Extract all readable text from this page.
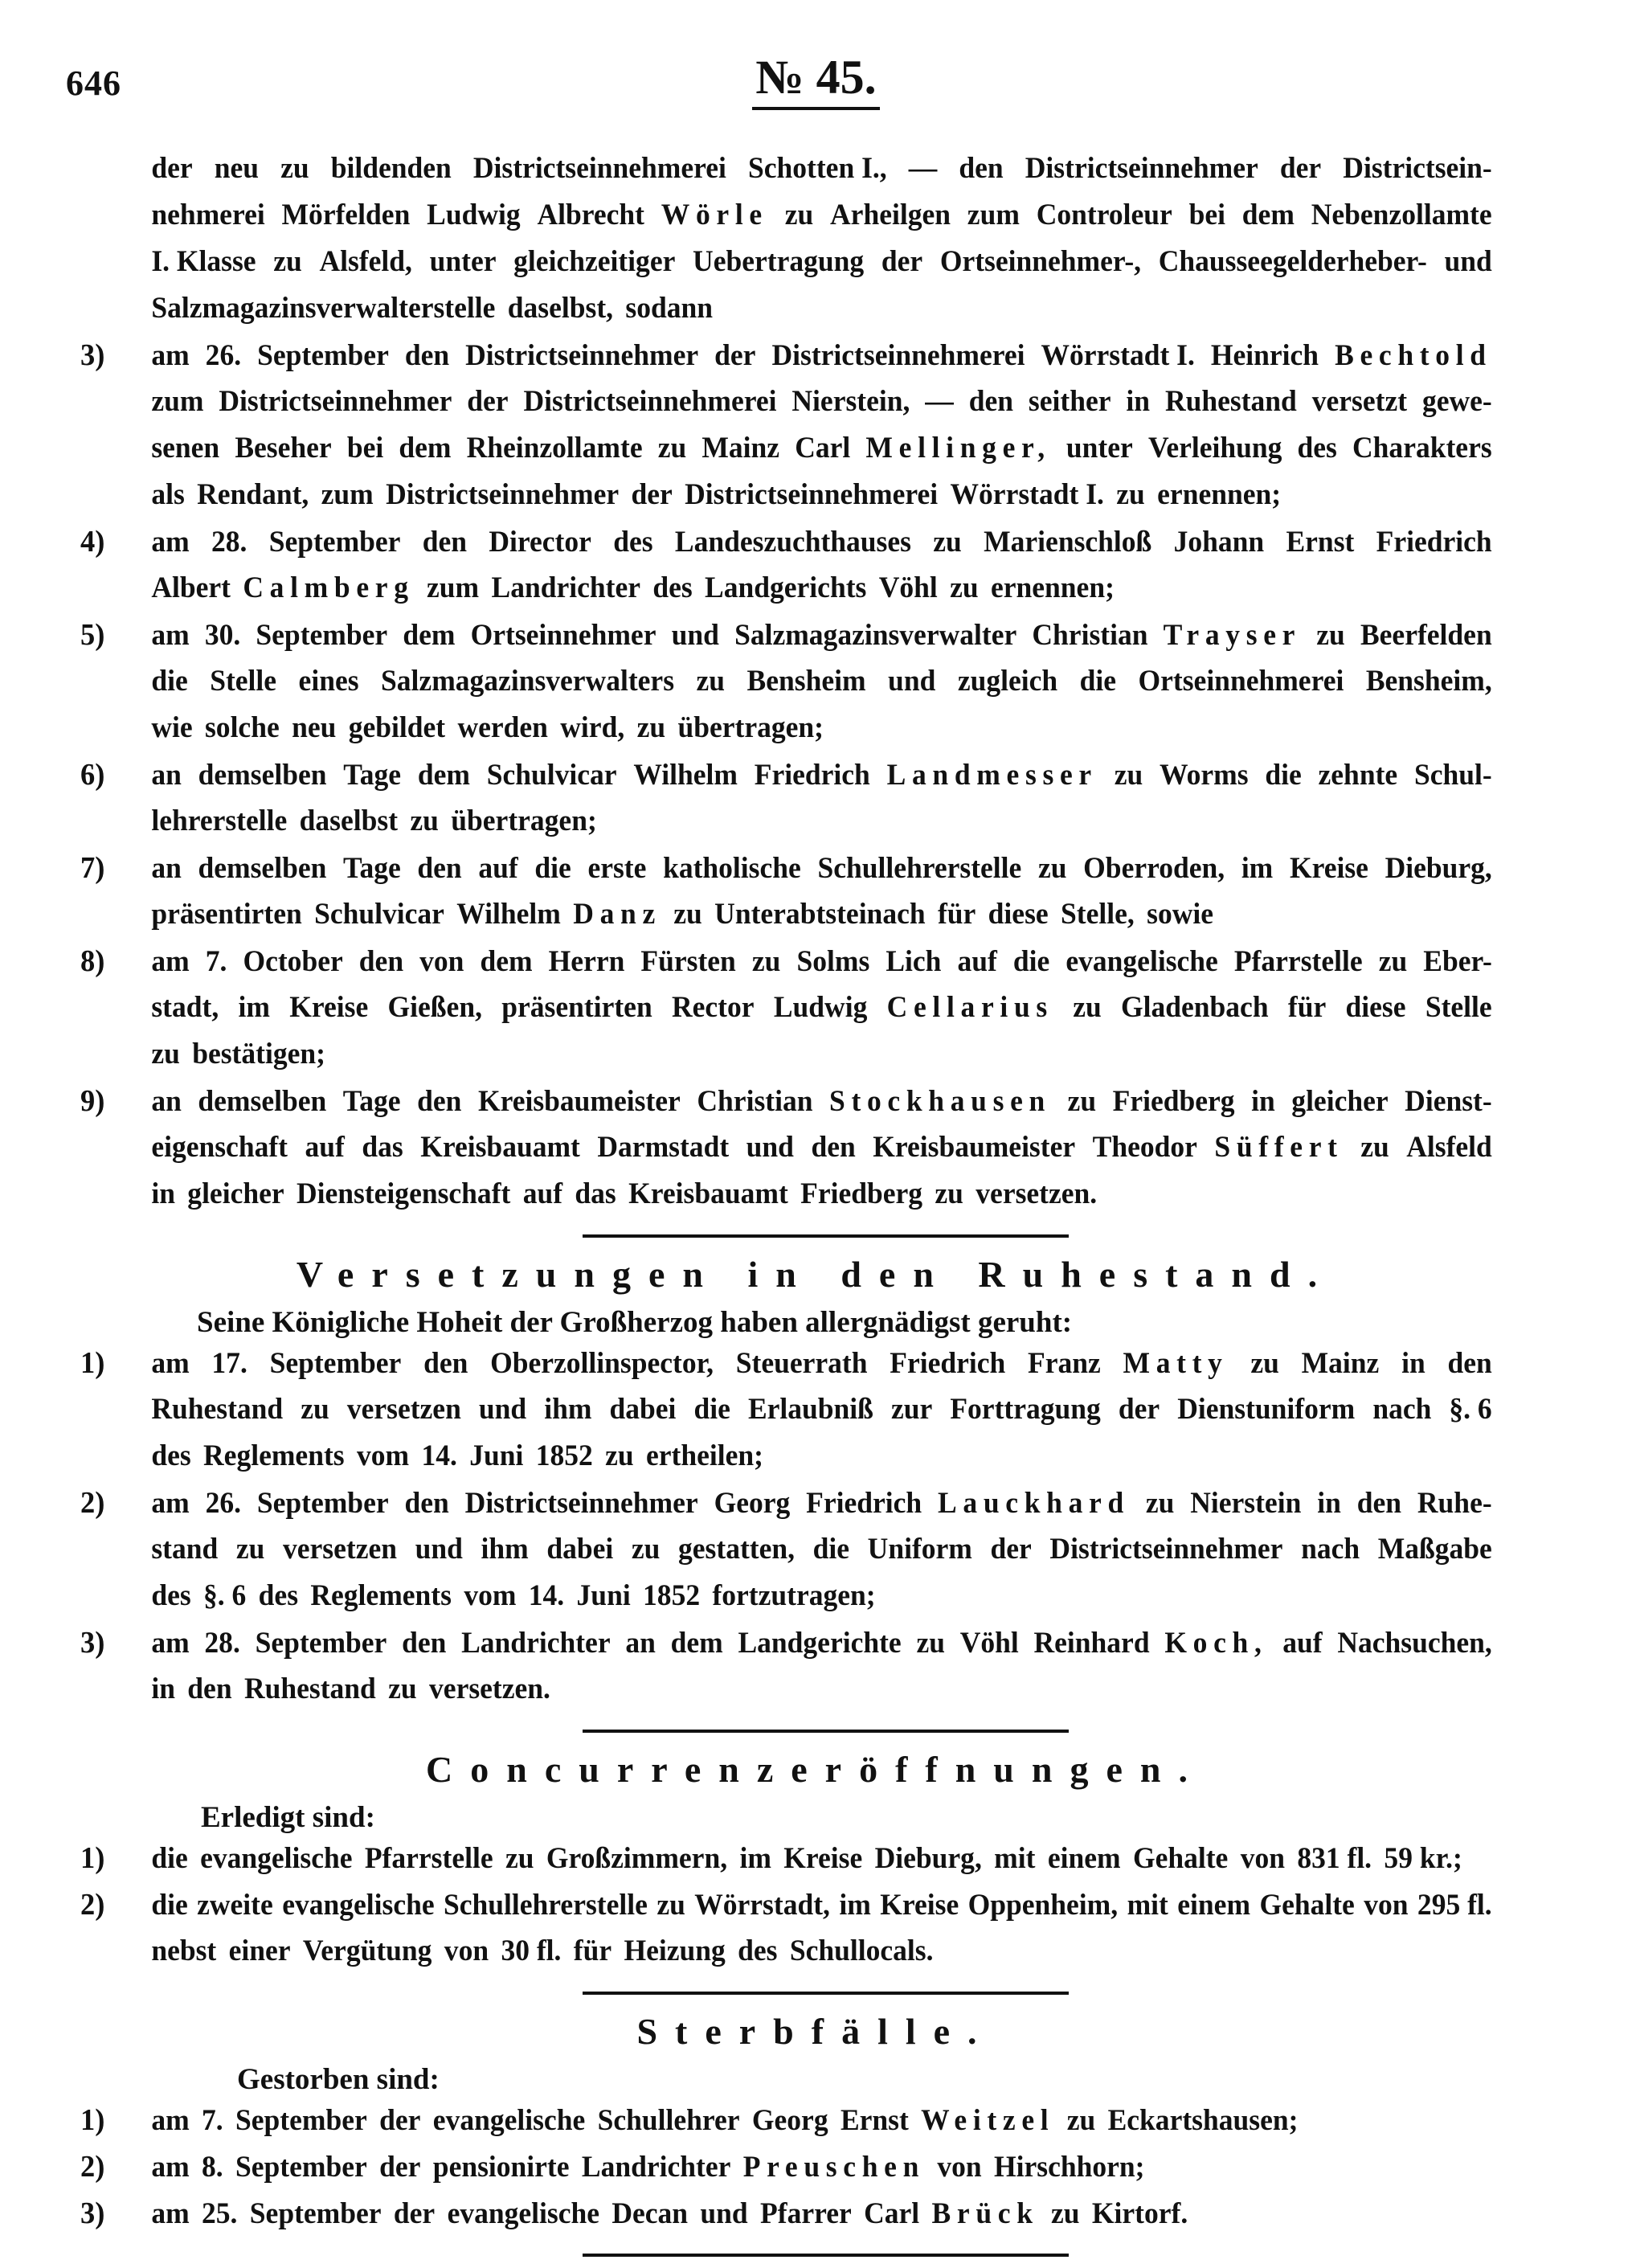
646	№ 45.
der neu zu bildenden Districtseinnehmerei Schotten I., — den Districtseinnehmer der Districtsein-
nehmerei Mörfelden Ludwig Albrecht Wörle zu Arheilgen zum Controleur bei dem Nebenzollamte
I. Klasse zu Alsfeld, unter gleichzeitiger Uebertragung der Ortseinnehmer-, Chausseegelderheber- und
Salzmagazinsverwalterstelle daselbst, sodann
3)	am 26. September den Districtseinnehmer der Districtseinnehmerei Wörrstadt I. Heinrich Bechtold
zum Districtseinnehmer der Districtseinnehmerei Nierstein, — den seither in Ruhestand versetzt gewe-
senen Beseher bei dem Rheinzollamte zu Mainz Carl Mellinger, unter Verleihung des Charakters
als Rendant, zum Districtseinnehmer der Districtseinnehmerei Wörrstadt I. zu ernennen;
4)	am 28. September den Director des Landeszuchthauses zu Marienschloß Johann Ernst Friedrich
Albert Calmberg zum Landrichter des Landgerichts Vöhl zu ernennen;
5)	am 30. September dem Ortseinnehmer und Salzmagazinsverwalter Christian Trayser zu Beerfelden
die Stelle eines Salzmagazinsverwalters zu Bensheim und zugleich die Ortseinnehmerei Bensheim,
wie solche neu gebildet werden wird, zu übertragen;
6)	an demselben Tage dem Schulvicar Wilhelm Friedrich Landmesser zu Worms die zehnte Schul-
lehrerstelle daselbst zu übertragen;
7)	an demselben Tage den auf die erste katholische Schullehrerstelle zu Oberroden, im Kreise Dieburg,
präsentirten Schulvicar Wilhelm Danz zu Unterabtsteinach für diese Stelle, sowie
8)	am 7. October den von dem Herrn Fürsten zu Solms Lich auf die evangelische Pfarrstelle zu Eber-
stadt, im Kreise Gießen, präsentirten Rector Ludwig Cellarius zu Gladenbach für diese Stelle
zu bestätigen;
9)	an demselben Tage den Kreisbaumeister Christian Stockhausen zu Friedberg in gleicher Dienst-
eigenschaft auf das Kreisbauamt Darmstadt und den Kreisbaumeister Theodor Süffert zu Alsfeld
in gleicher Diensteigenschaft auf das Kreisbauamt Friedberg zu versetzen.
Versetzungen in den Ruhestand.
Seine Königliche Hoheit der Großherzog haben allergnädigst geruht:
1)	am 17. September den Oberzollinspector, Steuerrath Friedrich Franz Matty zu Mainz in den
Ruhestand zu versetzen und ihm dabei die Erlaubniß zur Forttragung der Dienstuniform nach §. 6
des Reglements vom 14. Juni 1852 zu ertheilen;
2)	am 26. September den Districtseinnehmer Georg Friedrich Lauckhard zu Nierstein in den Ruhe-
stand zu versetzen und ihm dabei zu gestatten, die Uniform der Districtseinnehmer nach Maßgabe
des §. 6 des Reglements vom 14. Juni 1852 fortzutragen;
3)	am 28. September den Landrichter an dem Landgerichte zu Vöhl Reinhard Koch, auf Nachsuchen,
in den Ruhestand zu versetzen.
Concurrenzeröffnungen.
Erledigt sind:
1)	die evangelische Pfarrstelle zu Großzimmern, im Kreise Dieburg, mit einem Gehalte von 831 fl. 59 kr.;
2)	die zweite evangelische Schullehrerstelle zu Wörrstadt, im Kreise Oppenheim, mit einem Gehalte von 295 fl.
nebst einer Vergütung von 30 fl. für Heizung des Schullocals.
Sterbfälle.
Gestorben sind:
1)	am 7. September der evangelische Schullehrer Georg Ernst Weitzel zu Eckartshausen;
2)	am 8. September der pensionirte Landrichter Preuschen von Hirschhorn;
3)	am 25. September der evangelische Decan und Pfarrer Carl Brück zu Kirtorf.
